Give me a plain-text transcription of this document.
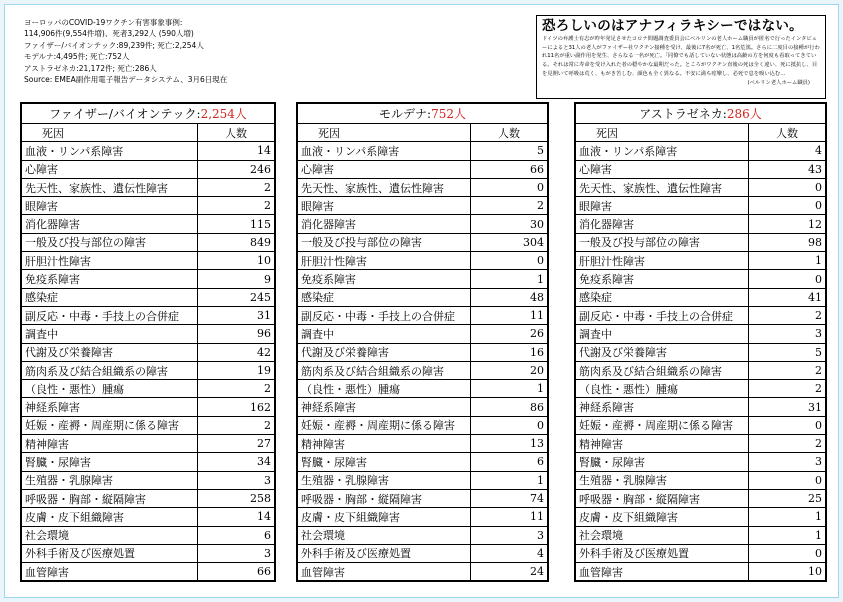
ヨーロッパのCOVID-19ワクチン有害事象事例:
114,906件(9,554件増)、死者3,292人 (590人増)
ファイザー/バイオンテック:89,239件; 死亡:2,254人
モデルナ:4,495件; 死亡:752人
アストラゼネカ:21,172件; 死亡:286人
Source: EMEA副作用電子報告データシステム、3月6日現在
恐ろしいのはアナフィラキシーではない。
ドイツの弁護士有志が昨年発足させたコロナ問題調査委員会にベルリンの老人ホーム職員が匿名で行ったインタビューによると31人の老人がファイザー社ワクチン接種を受け、最後に7名が死亡、1名危篤。さらに二度目の接種が行われ11名が重い副作用を発生、さらなる一名が死亡。「同僚でも話していない状態は高齢の方を何度も看取ってきている。それは常に寿命を受け入れた者の穏やかな最期だった。ところがワクチン直後の死は全く違い、死に抵抗し、目を見開いて呼吸は荒く、もがき苦しむ、顔色も全く異なる。不安に満ち痙攣し、必死で息を吸い込む…
(ベルリン老人ホーム職員)
ファイザー/バイオンテック:2,254人	
死因	人数
血液・リンパ系障害	14
心障害	246
先天性、家族性、遺伝性障害	2
眼障害	2
消化器障害	115
一般及び投与部位の障害	849
肝胆汁性障害	10
免疫系障害	9
感染症	245
副反応・中毒・手技上の合併症	31
調査中	96
代謝及び栄養障害	42
筋肉系及び結合組織系の障害	19
（良性・悪性）腫瘍	2
神経系障害	162
妊娠・産褥・周産期に係る障害	2
精神障害	27
腎臓・尿障害	34
生殖器・乳腺障害	3
呼吸器・胸部・縦隔障害	258
皮膚・皮下組織障害	14
社会環境	6
外科手術及び医療処置	3
血管障害	66
モルデナ:752人	
死因	人数
血液・リンパ系障害	5
心障害	66
先天性、家族性、遺伝性障害	0
眼障害	2
消化器障害	30
一般及び投与部位の障害	304
肝胆汁性障害	0
免疫系障害	1
感染症	48
副反応・中毒・手技上の合併症	11
調査中	26
代謝及び栄養障害	16
筋肉系及び結合組織系の障害	20
（良性・悪性）腫瘍	1
神経系障害	86
妊娠・産褥・周産期に係る障害	0
精神障害	13
腎臓・尿障害	6
生殖器・乳腺障害	1
呼吸器・胸部・縦隔障害	74
皮膚・皮下組織障害	11
社会環境	3
外科手術及び医療処置	4
血管障害	24
アストラゼネカ:286人	
死因	人数
血液・リンパ系障害	4
心障害	43
先天性、家族性、遺伝性障害	0
眼障害	0
消化器障害	12
一般及び投与部位の障害	98
肝胆汁性障害	1
免疫系障害	0
感染症	41
副反応・中毒・手技上の合併症	2
調査中	3
代謝及び栄養障害	5
筋肉系及び結合組織系の障害	2
（良性・悪性）腫瘍	2
神経系障害	31
妊娠・産褥・周産期に係る障害	0
精神障害	2
腎臓・尿障害	3
生殖器・乳腺障害	0
呼吸器・胸部・縦隔障害	25
皮膚・皮下組織障害	1
社会環境	1
外科手術及び医療処置	0
血管障害	10
